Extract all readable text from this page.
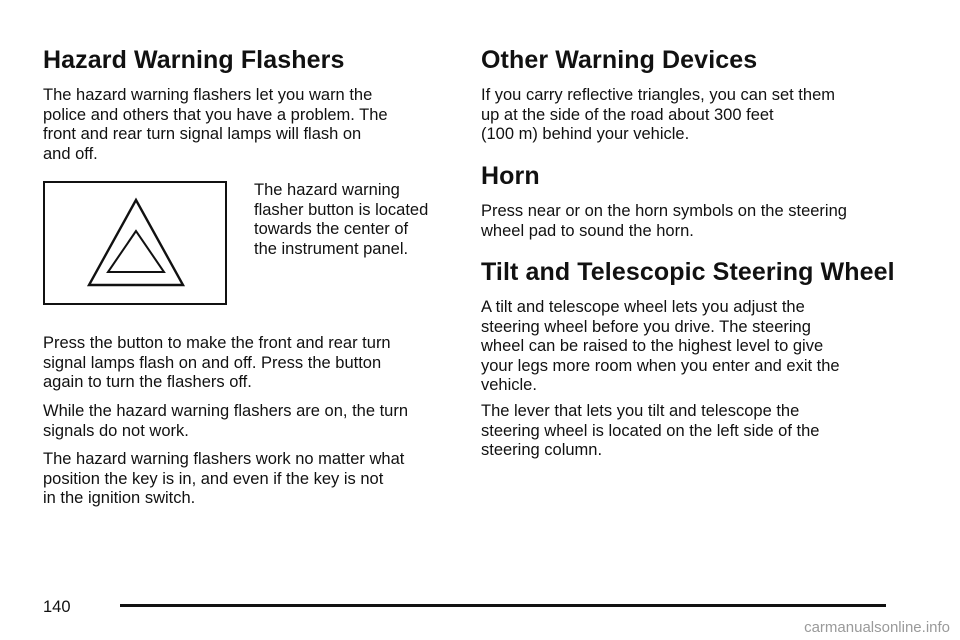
Hazard Warning Flashers

The hazard warning flashers let you warn the
police and others that you have a problem. The
front and rear turn signal lamps will flash on
and off.

The hazard warning
flasher button is located
towards the center of
the instrument panel.

Press the button to make the front and rear turn
signal lamps flash on and off. Press the button
again to turn the flashers off.

While the hazard warning flashers are on, the turn
signals do not work.

The hazard warning flashers work no matter what
position the key is in, and even if the key is not
in the ignition switch.

Other Warning Devices

If you carry reflective triangles, you can set them
up at the side of the road about 300 feet
(100 m) behind your vehicle.

Horn

Press near or on the horn symbols on the steering
wheel pad to sound the horn.

Tilt and Telescopic Steering Wheel

A tilt and telescope wheel lets you adjust the
steering wheel before you drive. The steering
wheel can be raised to the highest level to give
your legs more room when you enter and exit the
vehicle.

The lever that lets you tilt and telescope the
steering wheel is located on the left side of the
steering column.

140
carmanualsonline.info
